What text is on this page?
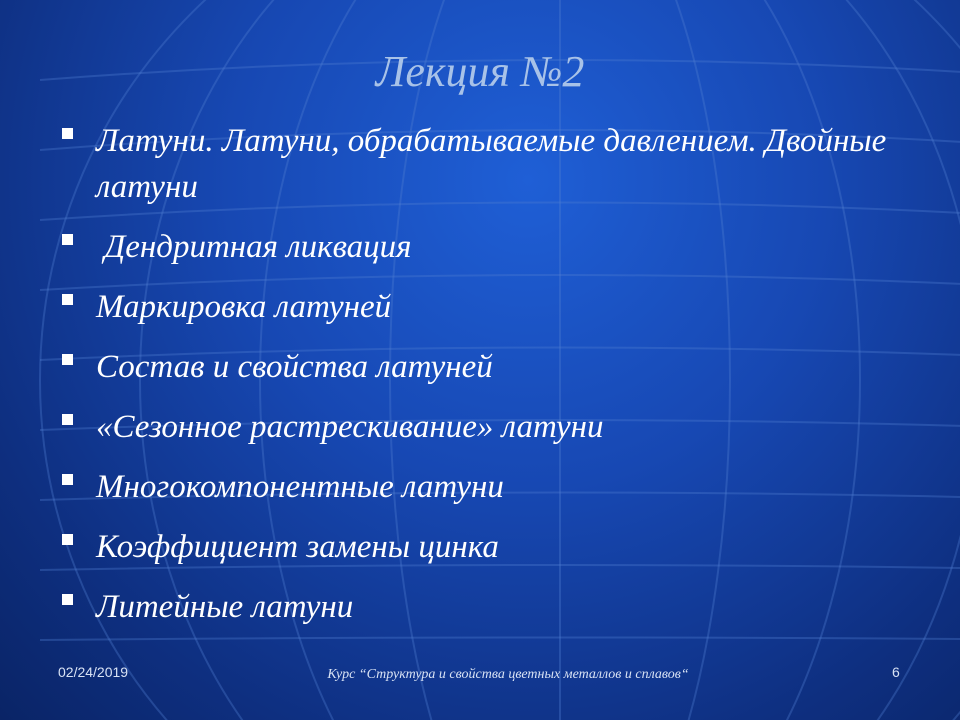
Лекция №2
Латуни. Латуни, обрабатываемые давлением. Двойные латуни
Дендритная ликвация
Маркировка латуней
Состав и свойства латуней
«Сезонное растрескивание» латуни
Многокомпонентные латуни
Коэффициент замены цинка
Литейные латуни
02/24/2019	Курс “Структура и свойства цветных металлов и сплавов“	6
